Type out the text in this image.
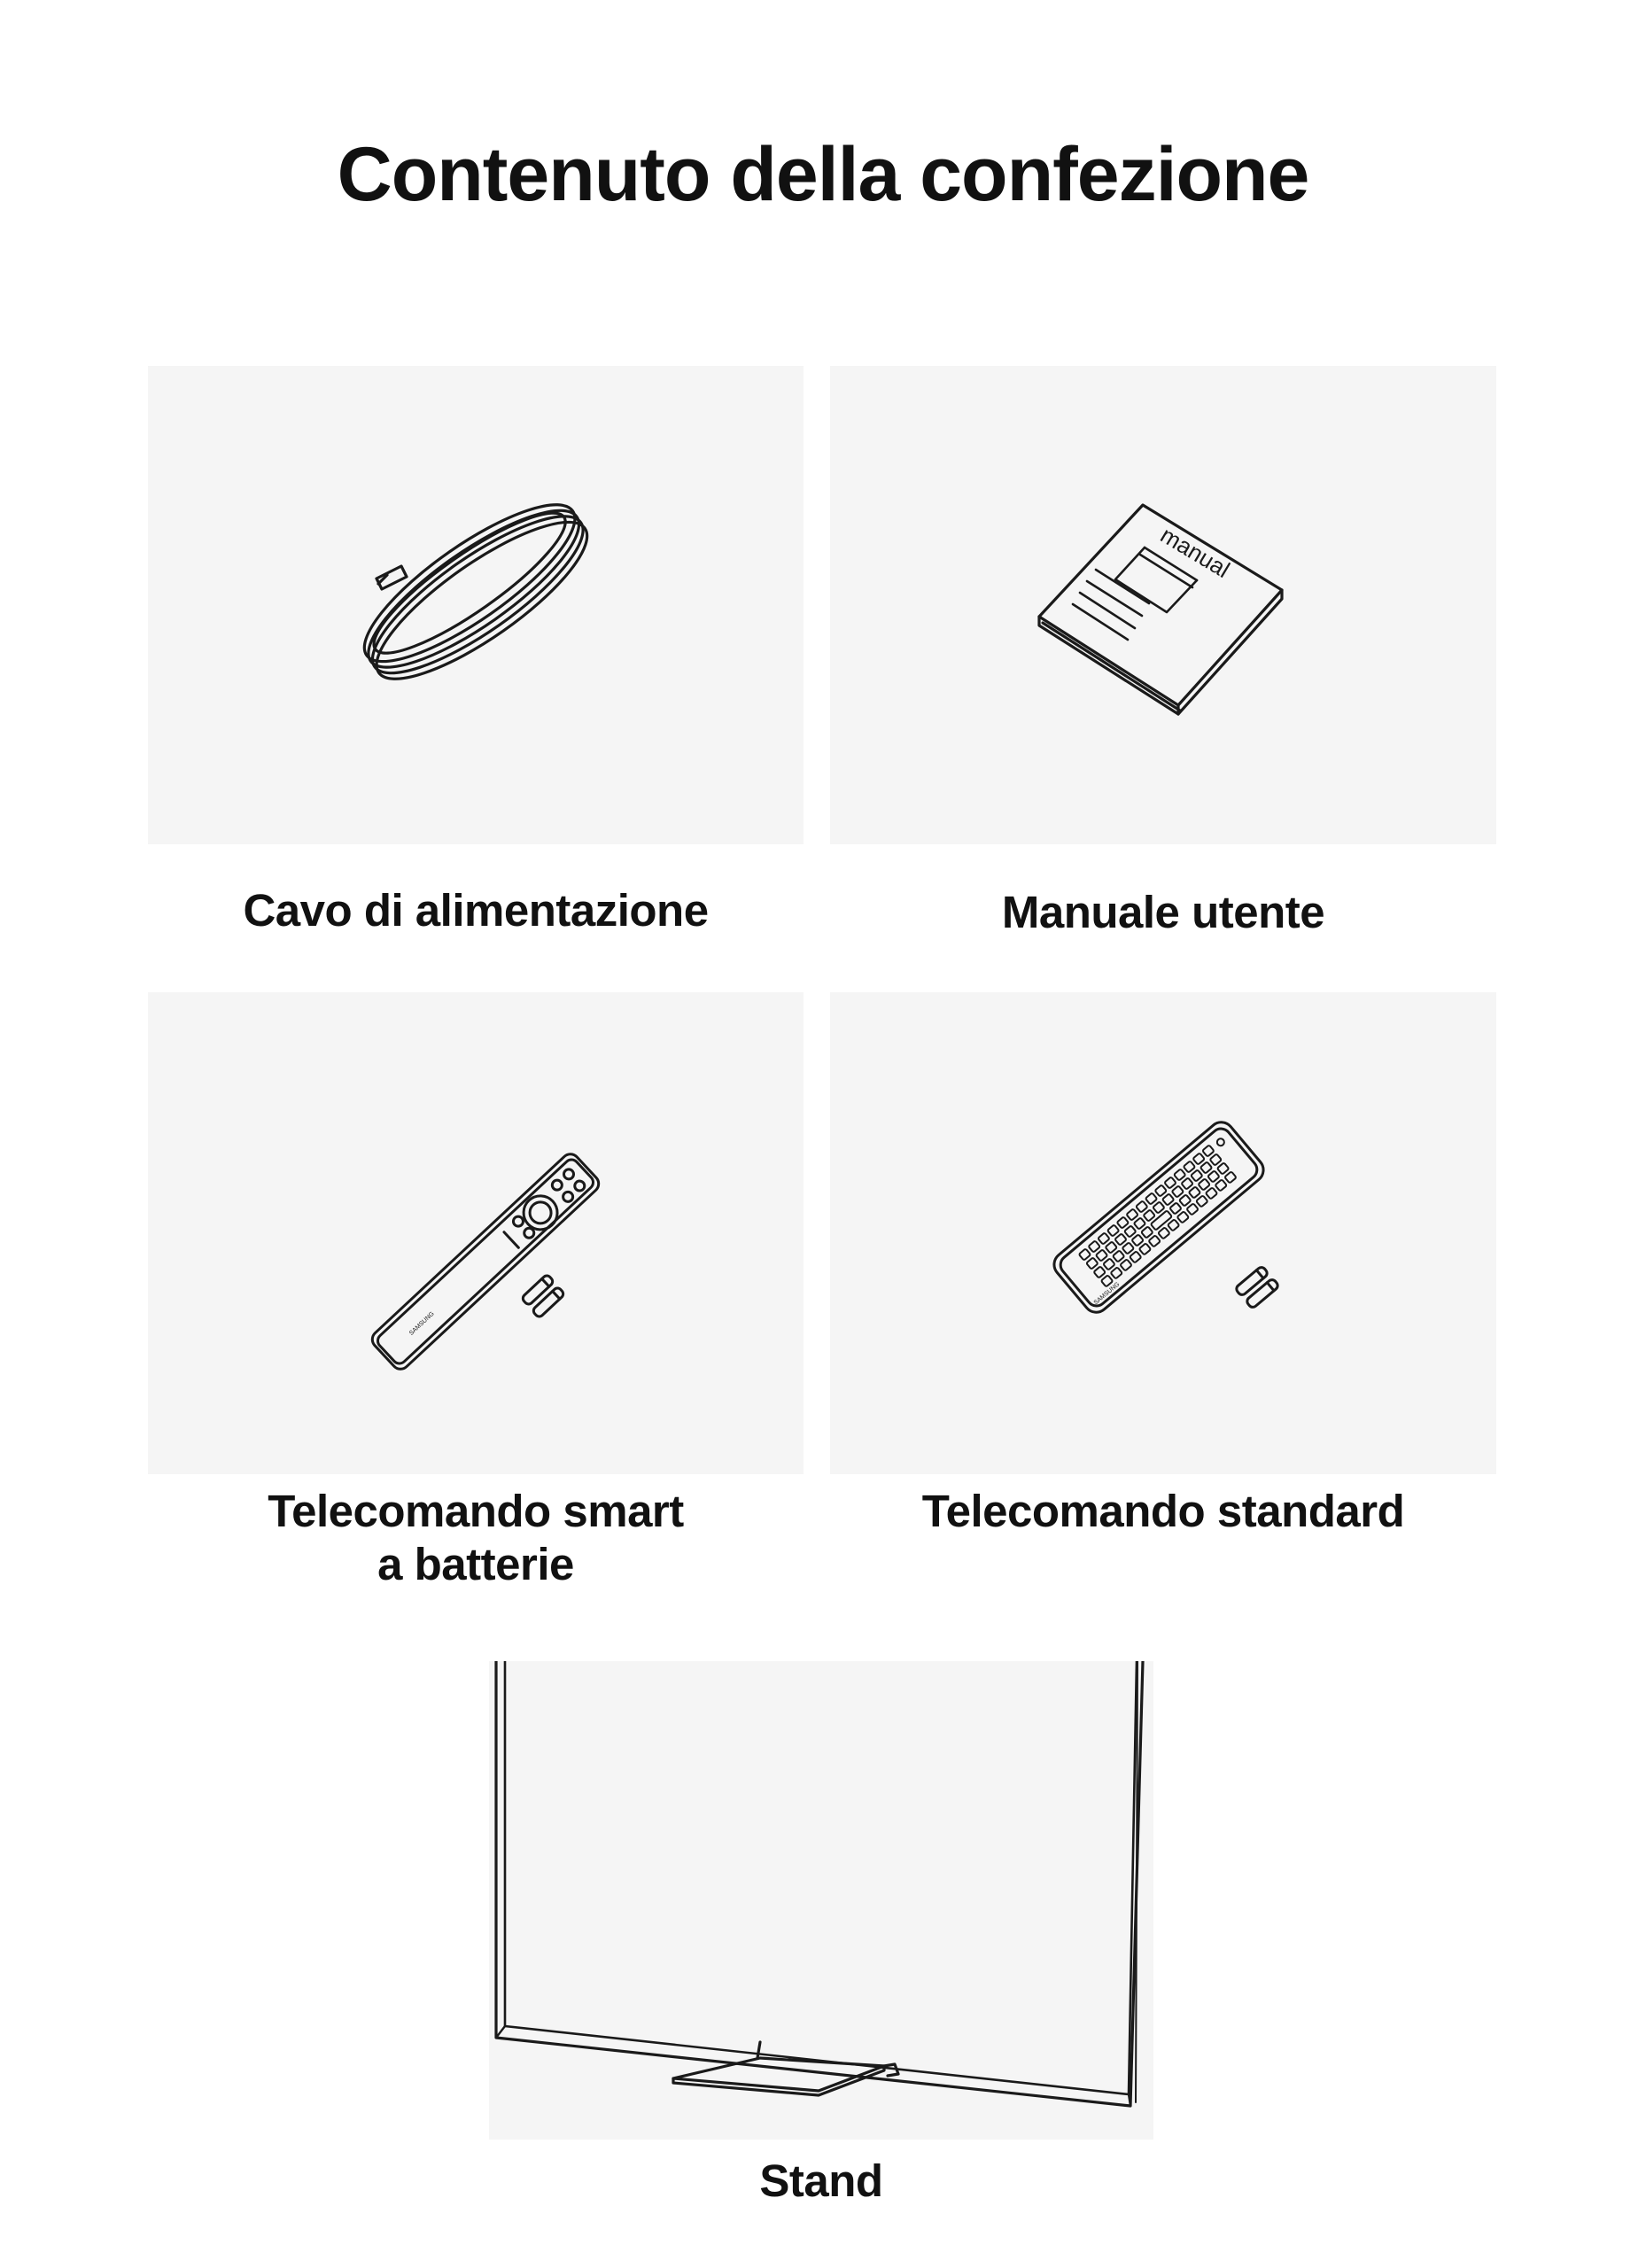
Contenuto della confezione
Cavo di alimentazione
manual
Manuale utente
SAMSUNG
Telecomando smart
a batterie
SAMSUNG
Telecomando standard
Stand
